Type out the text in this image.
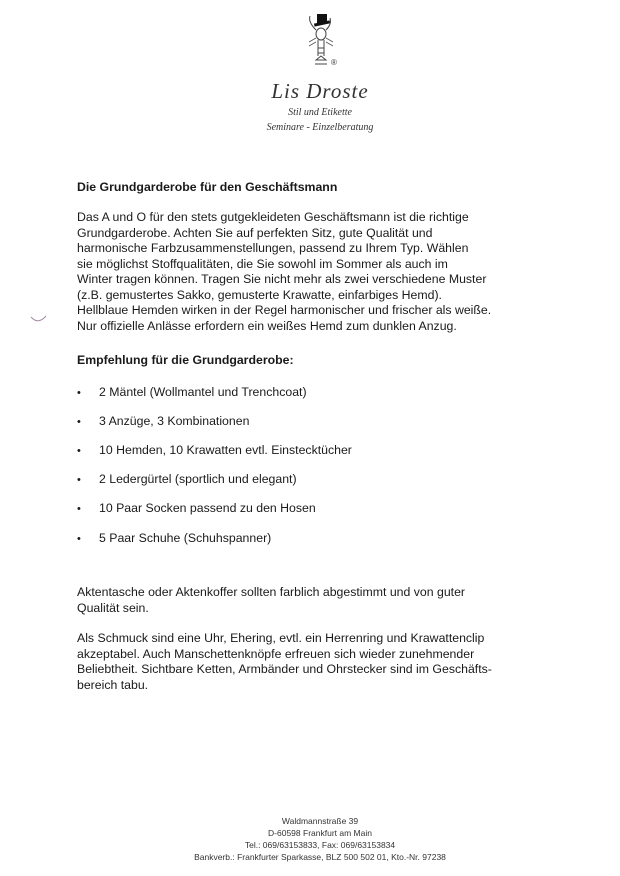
®
Lis Droste
Stil und Etikette
Seminare - Einzelberatung
Die Grundgarderobe für den Geschäftsmann
Das A und O für den stets gutgekleideten Geschäftsmann ist die richtige
Grundgarderobe. Achten Sie auf perfekten Sitz, gute Qualität und
harmonische Farbzusammenstellungen, passend zu Ihrem Typ. Wählen
sie möglichst Stoffqualitäten, die Sie sowohl im Sommer als auch im
Winter tragen können. Tragen Sie nicht mehr als zwei verschiedene Muster
(z.B. gemustertes Sakko, gemusterte Krawatte, einfarbiges Hemd).
Hellblaue Hemden wirken in der Regel harmonischer und frischer als weiße.
Nur offizielle Anlässe erfordern ein weißes Hemd zum dunklen Anzug.
Empfehlung für die Grundgarderobe:
• 2 Mäntel (Wollmantel und Trenchcoat)
• 3 Anzüge, 3 Kombinationen
• 10 Hemden, 10 Krawatten evtl. Einstecktücher
• 2 Ledergürtel (sportlich und elegant)
• 10 Paar Socken passend zu den Hosen
• 5 Paar Schuhe (Schuhspanner)
Aktentasche oder Aktenkoffer sollten farblich abgestimmt und von guter
Qualität sein.
Als Schmuck sind eine Uhr, Ehering, evtl. ein Herrenring und Krawattenclip
akzeptabel. Auch Manschettenknöpfe erfreuen sich wieder zunehmender
Beliebtheit. Sichtbare Ketten, Armbänder und Ohrstecker sind im Geschäfts-
bereich tabu.
Waldmannstraße 39
D-60598 Frankfurt am Main
Tel.: 069/63153833, Fax: 069/63153834
Bankverb.: Frankfurter Sparkasse, BLZ 500 502 01, Kto.-Nr. 97238
